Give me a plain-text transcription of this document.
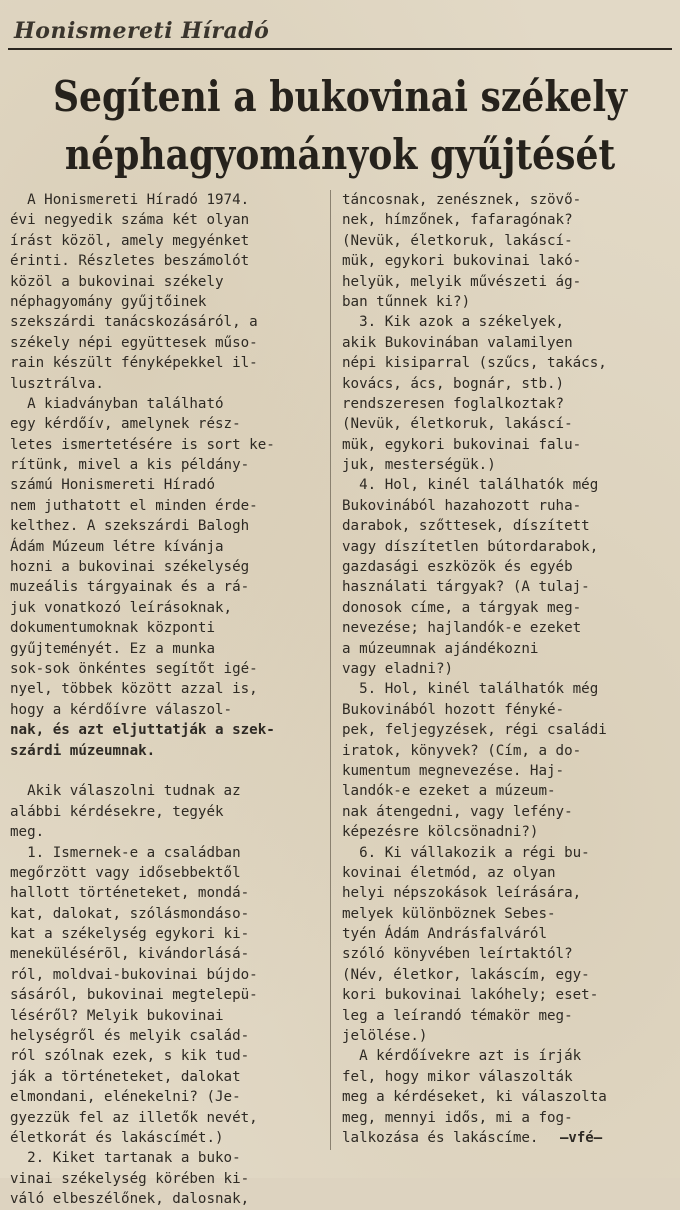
Honismereti Híradó
Segíteni a bukovinai székely
néphagyományok gyűjtését
A Honismereti Híradó 1974.
évi negyedik száma két olyan
írást közöl, amely megyénket
érinti. Részletes beszámolót
közöl a bukovinai székely
néphagyomány gyűjtőinek
szekszárdi tanácskozásáról, a
székely népi együttesek műso-
rain készült fényképekkel il-
lusztrálva.
A kiadványban található
egy kérdőív, amelynek rész-
letes ismertetésére is sort ke-
rítünk, mivel a kis példány-
számú Honismereti Híradó
nem juthatott el minden érde-
kelthez. A szekszárdi Balogh
Ádám Múzeum létre kívánja
hozni a bukovinai székelység
muzeális tárgyainak és a rá-
juk vonatkozó leírásoknak,
dokumentumoknak központi
gyűjteményét. Ez a munka
sok-sok önkéntes segítőt igé-
nyel, többek között azzal is,
hogy a kérdőívre válaszol-
nak, és azt eljuttatják a szek-
szárdi múzeumnak.
Akik válaszolni tudnak az
alábbi kérdésekre, tegyék
meg.
1. Ismernek-e a családban
megőrzött vagy idősebbektől
hallott történeteket, mondá-
kat, dalokat, szólásmondáso-
kat a székelység egykori ki-
menekülésérõl, kivándorlásá-
ról, moldvai-bukovinai bújdo-
sásáról, bukovinai megtelepü-
léséről? Melyik bukovinai
helységről és melyik család-
ról szólnak ezek, s kik tud-
ják a történeteket, dalokat
elmondani, elénekelni? (Je-
gyezzük fel az illetők nevét,
életkorát és lakáscímét.)
2. Kiket tartanak a buko-
vinai székelység körében ki-
váló elbeszélőnek, dalosnak,
táncosnak, zenésznek, szövő-
nek, hímzőnek, fafaragónak?
(Nevük, életkoruk, lakáscí-
mük, egykori bukovinai lakó-
helyük, melyik művészeti ág-
ban tűnnek ki?)
3. Kik azok a székelyek,
akik Bukovinában valamilyen
népi kisiparral (szűcs, takács,
kovács, ács, bognár, stb.)
rendszeresen foglalkoztak?
(Nevük, életkoruk, lakáscí-
mük, egykori bukovinai falu-
juk, mesterségük.)
4. Hol, kinél találhatók még
Bukovinából hazahozott ruha-
darabok, szőttesek, díszített
vagy díszítetlen bútordarabok,
gazdasági eszközök és egyéb
használati tárgyak? (A tulaj-
donosok címe, a tárgyak meg-
nevezése; hajlandók-e ezeket
a múzeumnak ajándékozni
vagy eladni?)
5. Hol, kinél találhatók még
Bukovinából hozott fényké-
pek, feljegyzések, régi családi
iratok, könyvek? (Cím, a do-
kumentum megnevezése. Haj-
landók-e ezeket a múzeum-
nak átengedni, vagy lefény-
képezésre kölcsönadni?)
6. Ki vállakozik a régi bu-
kovinai életmód, az olyan
helyi népszokások leírására,
melyek különböznek Sebes-
tyén Ádám Andrásfalváról
szóló könyvében leírtaktól?
(Név, életkor, lakáscím, egy-
kori bukovinai lakóhely; eset-
leg a leírandó témakör meg-
jelölése.)
A kérdőívekre azt is írják
fel, hogy mikor válaszolták
meg a kérdéseket, ki válaszolta
meg, mennyi idős, mi a fog-
lalkozása és lakáscíme.	—vfé—
